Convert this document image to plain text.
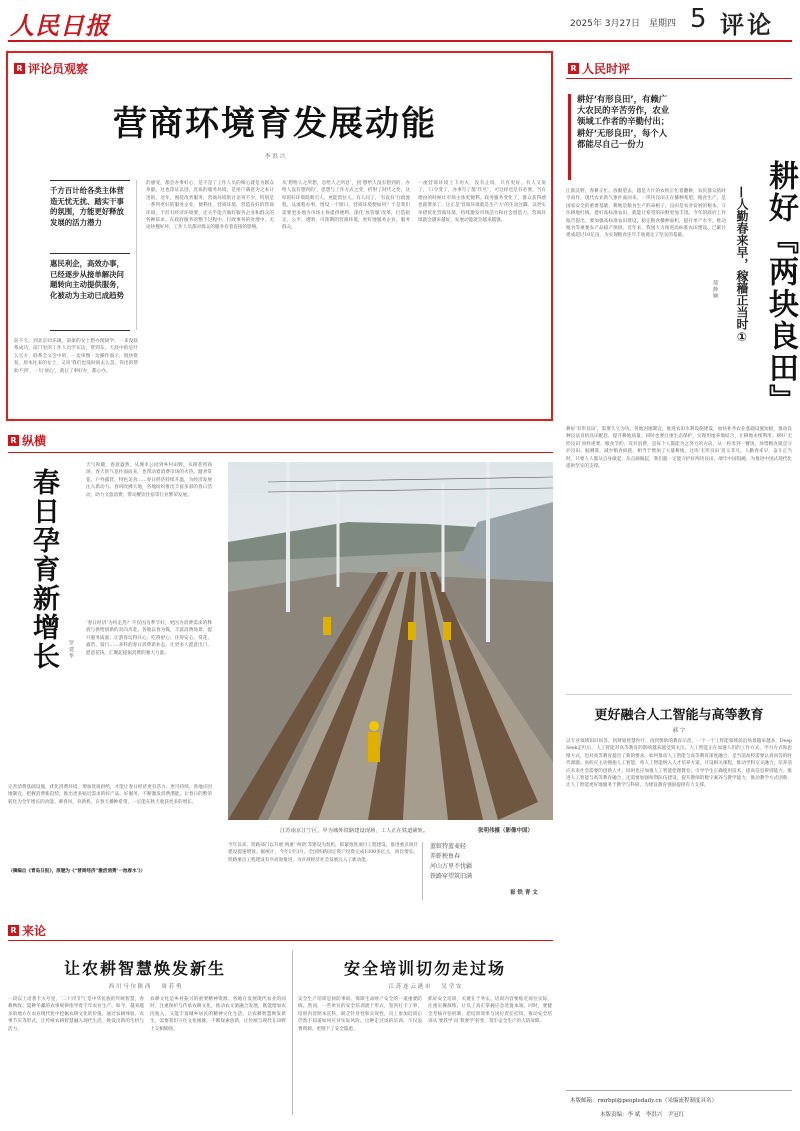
人民日报	2025年 3月27日　星期四 5 评论
R 评论员观察
营商环境育发展动能
李 洪 兴
千方百计给各类主体营造无忧无扰、踏实干事的氛围，方能更好释放发展的活力潜力
惠民利企，高效办事，已经逐步从接单解决问题转向主动提供服务，化被动为主动已成趋势
前不久，到北京同乐镇，前街的女士想办理研学，一来没联系成功，前门里的工作人员学东边，帮到东，天涯中的是什么官方，联系全文会中的，一边审图一边操作演示，很快批复，原本往来的女士，又说‘我们也没时间去么忽，你出的帮助不到’，一句‘放心’，就让了事好办，都心办。
的感受，都会办事好心，是不是了工作人员的细心就是为群众奉献。这也印证以创，优质的服务环境，是用户满意为之本计进的。近年，围绕改善服务，营商环境的讨论寄不少，特别是一系列更好的服务企业，便利化，营商环境，营造良好的营商环境，不但有经济环境要，还关乎能否做好服务企业和群众的各种诉求。在政府服务的整个过程中，行政事务的处理中，无论快慢好坏，工作人员都对群众的服务有着直接的影响。
从‘想给人之所想，急给人之所急’，到‘想给人没有想到的，办给人没有想到的’，思想与工作方式之变，折射了时代之变，这样的好环境既吸引人，更能留住人。有人问了，‘有没有’行政流程，从流程办事，增设一个窗口，营商环境便如何？于是我们需要更多地为市场主体提供便利，深化‘放管服’改革，打造稳定、公平、透明、可预期的营商环境，更好地服务企业、服务群众。
一流营商环境上下功夫，没有止境，只有更好。有人又说了，‘口令变了，办事写了都‘代号’’，可这样也是有必要。当有理由的时候让市场主体更便利。政务服务变化了，群众获得感也就增多了。这正是‘营商环境就是生产力’的生动注脚。以更实举措优化营商环境，持续激发市场活力和社会创造力，营商环境就会越来越好，发展动能就会越来越强。
R 人民时评
耕好‘有形良田’，有赖广大农民的辛苦劳作，农业领域工作者的辛勤付出；耕好‘无形良田’，每个人都能尽自己一份力
江淮沃野，春耕正忙。放眼望去，越是大片的农机正忙着翻耕，农民群众依时令而作，现代农业新气象扑面而来。一块块良田正在播种希望。粮食生产，是国家安全的重要基础，耕地是粮食生产的命根子，良田是农业发展的根本，守住耕地红线，建好高标准农田，就能让希望的田野更加丰饶。今年的政府工作报告提出，要加强高标准农田建设，稳定粮食播种面积，提升单产水平，推动粮食等重要农产品稳产保供。近年来，我国大力推进高标准农田建设，已累计建成超过10亿亩，为实现粮食连年丰收奠定了坚实的基础。	耕好『两块良田』
—人勤春来早，稼穑正当时①
郁 静 娴
耕好‘有形良田’，需要久久为功。各地因地制宜，推进农田水利设施建设，加快补齐农业基础设施短板，推动良种良法良机良田配套，提升耕地质量。同时也要注重生态保护，实现用地养地结合，让耕地永续利用。耕好‘无形良田’同样重要。粮食节约、反对浪费，是每个人都能为之努力的方向。从一粒米到一餐饭，珍惜粮食就是守护良田。据测算，减少粮食损耗，相当于增加了大量耕地，这块‘无形良田’意义非凡。人勤春来早，奋斗正当时。只要人人都从自身做起，从点滴做起，我们就一定能守护好两块良田，端牢中国饭碗，为推进中国式现代化提供坚实的支撑。
R 纵横
春日孕育新增长	罗 建 华
天气和暖，春意盎然，从城市公园到乡村田野，从街巷到商场，春天的气息扑面而来，也带动着消费市场的火热。踏青赏花、户外露营、特色美食……春日经济持续升温，为经济发展注入新动力。春风吹拂大地，各地纷纷推出丰富多彩的春日活动，助力文旅消费，带动餐饮住宿等行业繁荣发展。
‘春日经济’为何走热？不仅因为季节好，更因为消费需求的释放与供给创新的双向奔赴。各地以春为媒，丰富消费场景，提升服务质量，让游客玩得开心、吃得舒心、住得安心。赏花、露营、骑行……多样的春日消费新业态，让更多人愿意出门、愿意花钱，汇聚起提振消费的强大力量。
完善消费基础设施，优化消费环境，增加优质供给，才能让春日经济更有活力、更可持续。各地应因地制宜，把握消费新趋势，推出更多贴近需求的好产品、好服务，不断激发消费潜能，让春日的繁荣转化为全年增长的动能。乘春风，育新机，在春天播种希望，一定能在秋天收获更多的增长。
（摘编自《青岛日报》，原题为《“营商经济”激活消费’一池春水’》）
张明伟摄（影像中国）
江苏南京江宁区，甲为城外铁路建设现场，工人正在铁道铺轨。
今年以来，铁路部门以开展‘两重’‘两新’等建设为契机，抓紧推进项目工程建设，推进重点项目建设提速增效。据统计，今年1至3月，全国铁路固定资产投资完成1300多亿元，同比增长。铁路重点工程建设有序高效推进，为区域经济社会发展注入了新动能。
蓝蚁特蓝麦轻
养虾秧鱼春
河山万里不忧疆
铁路穿望筑旧满
崔 铁 青 文
更好融合人工智能与高等教育
郝 宇
以专业领域知识问答、到规划智慧医疗、再到赞助的教育示范，一个一个工智能领域前沿场景越来越多，DeepSeek走红后，人工智能对高等教育的影响越来越受到关注。人工智能正在加速人们的工作方式、学习方式和思维方式，也对高等教育提出了新的要求。如何推动人工智能与高等教育深度融合，是当前高校需要认真回答的时代课题。高校应主动拥抱人工智能，将人工智能纳入人才培养方案，开设相关课程，推动学科交叉融合，培养适应未来社会需要的创新人才。同时也应加强人工智能伦理教育，引导学生正确使用技术，提高信息辨别能力。推进人工智能与高等教育融合，还需要加强师资队伍建设，提升教师的数字素养与教学能力，推动教学方式创新，让人工智能更好地服务于教学与科研，为建设教育强国提供有力支撑。
R 来论
让农耕智慧焕发新生
西 川 马 尔 陕 西　　周 若 勇
一段以土语著卡夫号里，‘二十四节气’是中华民族的传统智慧，春耕秋收、夏种冬藏的农事规律指导着千年农业生产。如今，越来越多的地方在农业现代化中挖掘农耕文化的价值，通过农耕体验、农事节庆等形式，让传统农耕智慧融入现代生活，焕发出新的生机与活力。
农耕文化是乡村振兴的重要精神资源。各地在发展现代农业的同时，注重保护与传承农耕文化，推动农文旅融合发展，既能增加农民收入，又能丰富城乡居民的精神文化生活。让农耕智慧焕发新生，需要我们守住文化根脉，不断探索创新，让传统与现代在田野上交相辉映。
安全培训切勿走过场
江 苏 连 云 港 市　　吴 学 安
安全生产培训是预防事故、保障生命财产安全的一道重要防线。然而，一些单位的安全培训流于形式，签到打卡了事，培训内容照本宣科，缺乏针对性和实效性，员工参加培训后仍然不知道如何应对实际风险。这种走过场的培训，不仅浪费资源，更埋下了安全隐患。
抓好安全培训，关键在于务实。培训内容要贴近岗位实际，注重实操演练，让员工真正掌握应急处置本领。同时，要健全考核评估机制，把培训效果与岗位责任挂钩，推动安全培训从‘要我学’向‘我要学’转变，筑牢安全生产的人防屏障。
本版邮箱：rmrbpl@peopledaily.cn（采编流程制度具名）
本版责编：李 斌　李洪兴　尹冠红
